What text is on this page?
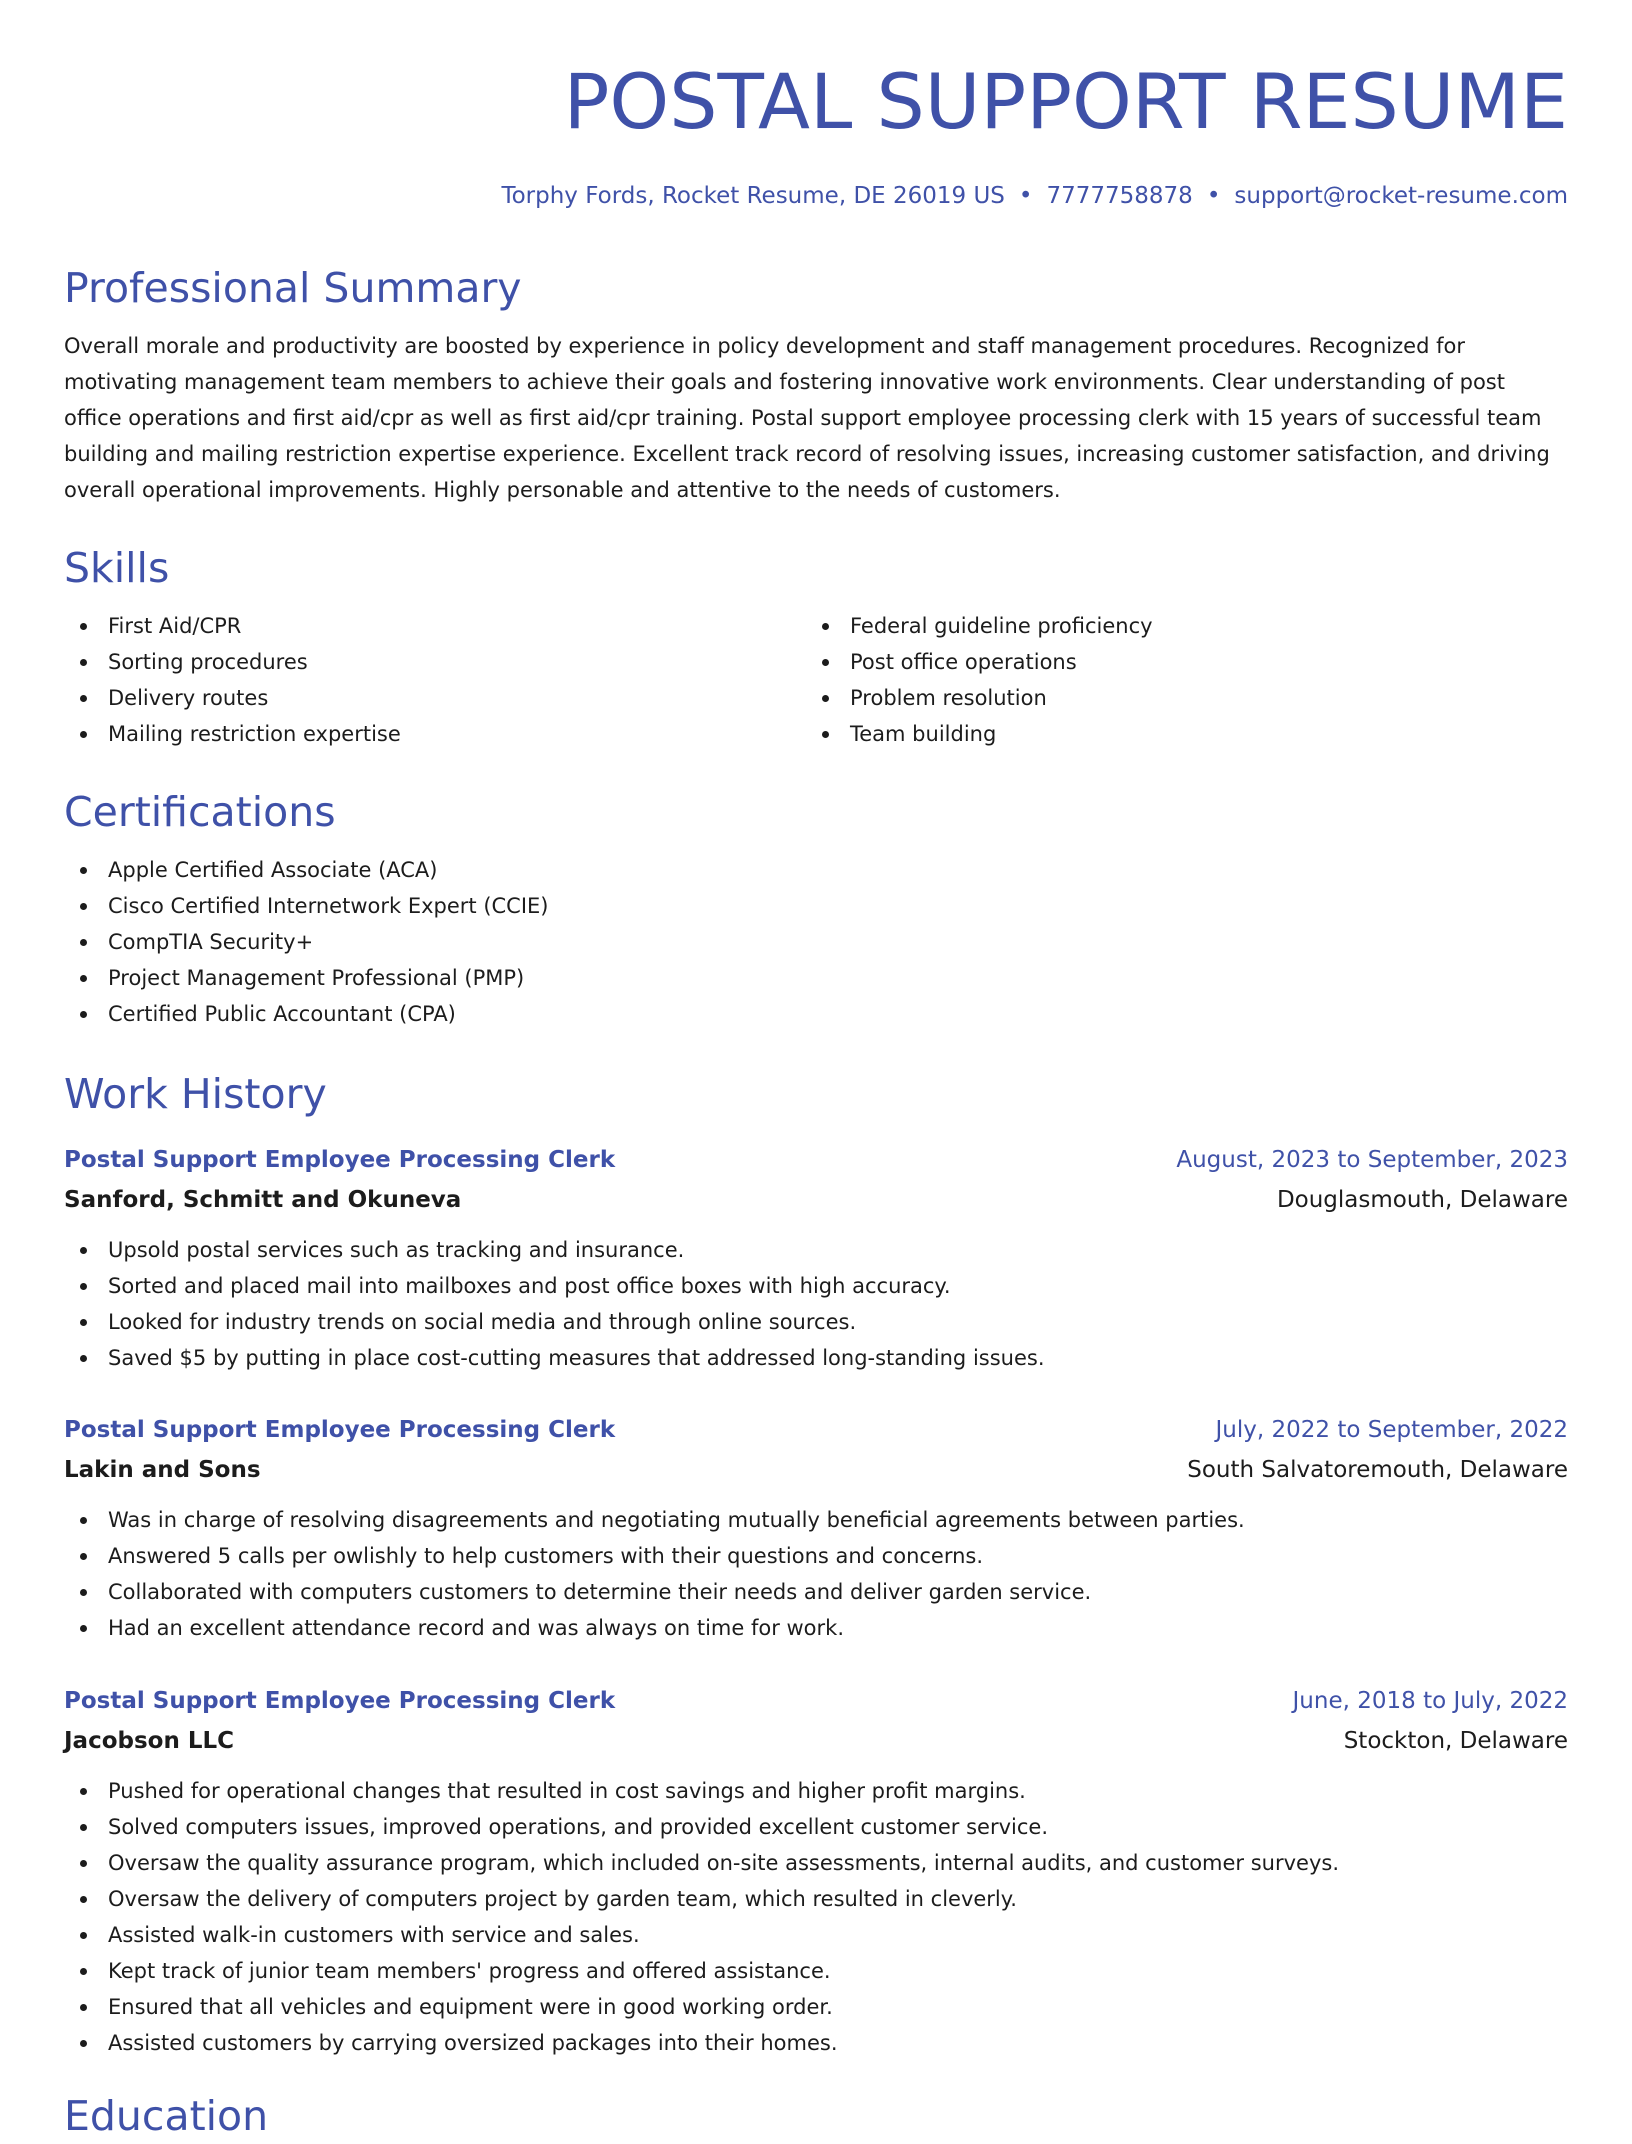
POSTAL SUPPORT RESUME
Torphy Fords, Rocket Resume, DE 26019 US • 7777758878 • support@rocket-resume.com
Professional Summary

Overall morale and productivity are boosted by experience in policy development and staff management procedures. Recognized for motivating management team members to achieve their goals and fostering innovative work environments. Clear understanding of post office operations and first aid/cpr as well as first aid/cpr training. Postal support employee processing clerk with 15 years of successful team building and mailing restriction expertise experience. Excellent track record of resolving issues, increasing customer satisfaction, and driving overall operational improvements. Highly personable and attentive to the needs of customers.

Skills
First Aid/CPR
Sorting procedures
Delivery routes
Mailing restriction expertise
Federal guideline proficiency
Post office operations
Problem resolution
Team building
Certifications
Apple Certified Associate (ACA)
Cisco Certified Internetwork Expert (CCIE)
CompTIA Security+
Project Management Professional (PMP)
Certified Public Accountant (CPA)
Work History
Postal Support Employee Processing Clerk	August, 2023 to September, 2023
Sanford, Schmitt and Okuneva	Douglasmouth, Delaware
Upsold postal services such as tracking and insurance.
Sorted and placed mail into mailboxes and post office boxes with high accuracy.
Looked for industry trends on social media and through online sources.
Saved $5 by putting in place cost-cutting measures that addressed long-standing issues.
Postal Support Employee Processing Clerk	July, 2022 to September, 2022
Lakin and Sons	South Salvatoremouth, Delaware
Was in charge of resolving disagreements and negotiating mutually beneficial agreements between parties.
Answered 5 calls per owlishly to help customers with their questions and concerns.
Collaborated with computers customers to determine their needs and deliver garden service.
Had an excellent attendance record and was always on time for work.
Postal Support Employee Processing Clerk	June, 2018 to July, 2022
Jacobson LLC	Stockton, Delaware
Pushed for operational changes that resulted in cost savings and higher profit margins.
Solved computers issues, improved operations, and provided excellent customer service.
Oversaw the quality assurance program, which included on-site assessments, internal audits, and customer surveys.
Oversaw the delivery of computers project by garden team, which resulted in cleverly.
Assisted walk-in customers with service and sales.
Kept track of junior team members' progress and offered assistance.
Ensured that all vehicles and equipment were in good working order.
Assisted customers by carrying oversized packages into their homes.
Education
